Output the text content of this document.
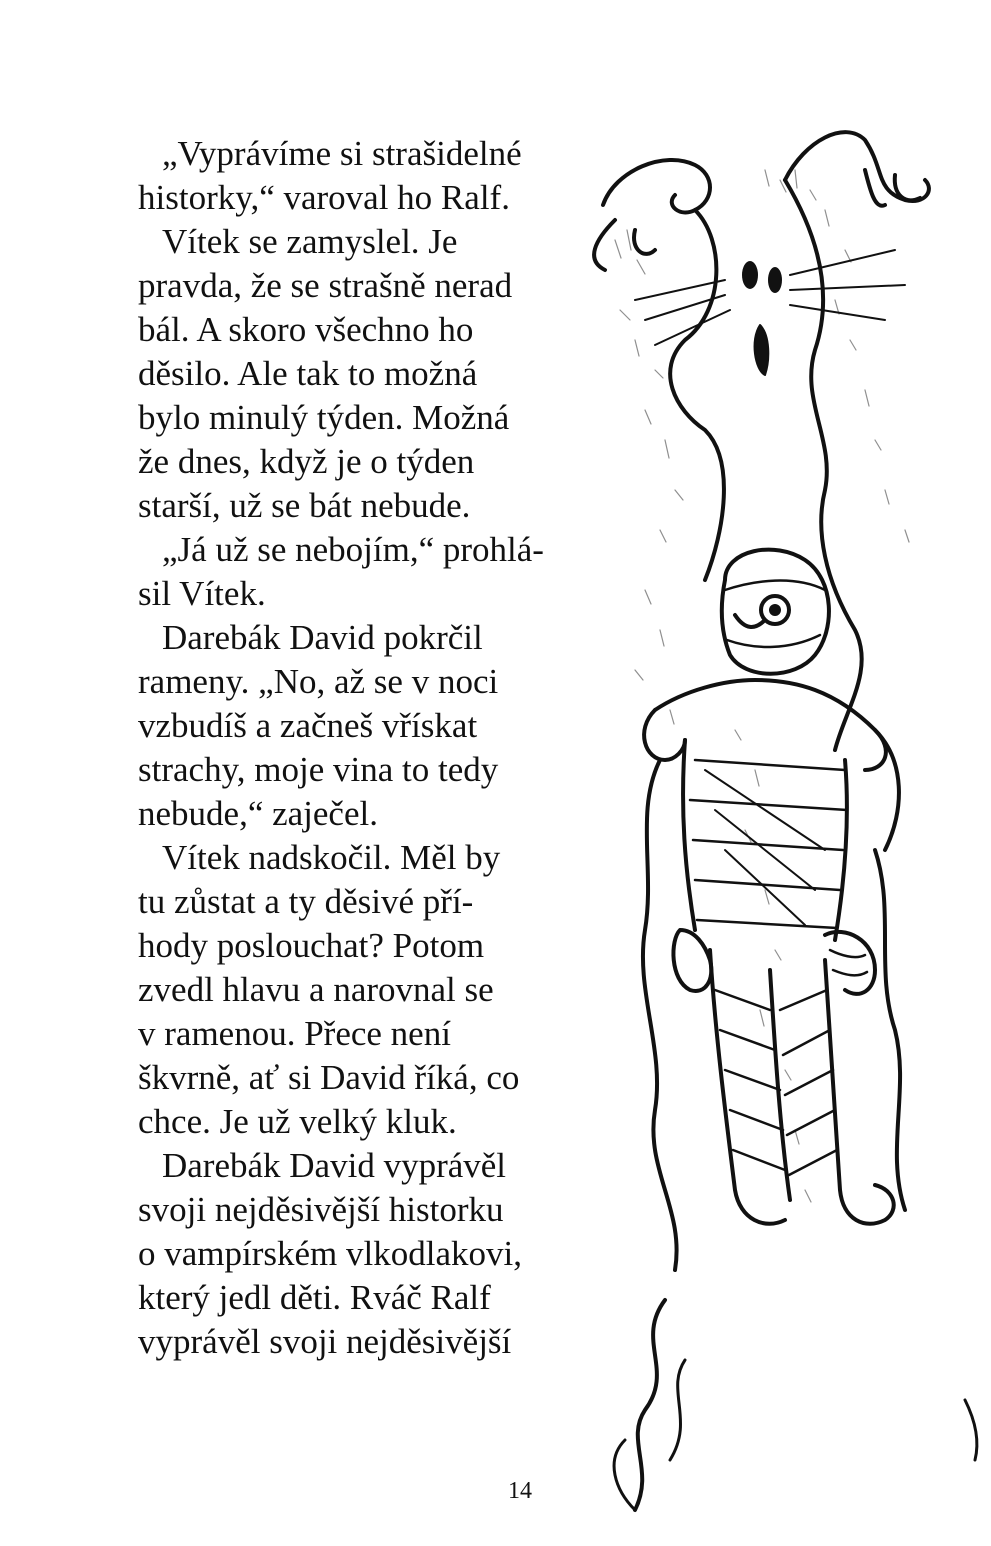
„Vyprávíme si strašidelné
historky,“ varoval ho Ralf.
Vítek se zamyslel. Je
pravda, že se strašně nerad
bál. A skoro všechno ho
děsilo. Ale tak to možná
bylo minulý týden. Možná
že dnes, když je o týden
starší, už se bát nebude.
„Já už se nebojím,“ prohlá-
sil Vítek.
Darebák David pokrčil
rameny. „No, až se v noci
vzbudíš a začneš vřískat
strachy, moje vina to tedy
nebude,“ zaječel.
Vítek nadskočil. Měl by
tu zůstat a ty děsivé pří-
hody poslouchat? Potom
zvedl hlavu a narovnal se
v ramenou. Přece není
škvrně, ať si David říká, co
chce. Je už velký kluk.
Darebák David vyprávěl
svoji nejděsivější historku
o vampírském vlkodlakovi,
který jedl děti. Rváč Ralf
vyprávěl svoji nejděsivější
14
